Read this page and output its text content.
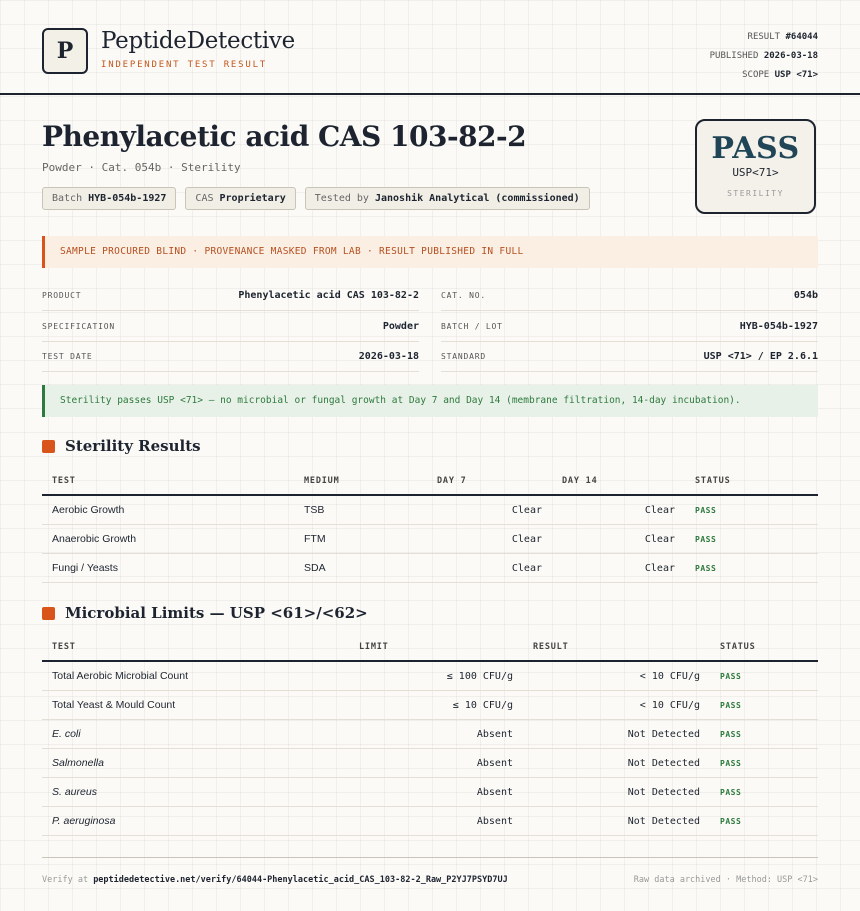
P	PeptideDetective
INDEPENDENT TEST RESULT
RESULT #64044
PUBLISHED 2026-03-18
SCOPE USP <71>
Phenylacetic acid CAS 103-82-2
Powder · Cat. 054b · Sterility
Batch HYB-054b-1927	CAS Proprietary	Tested by Janoshik Analytical (commissioned)
PASS
USP<71>
STERILITY
SAMPLE PROCURED BLIND · PROVENANCE MASKED FROM LAB · RESULT PUBLISHED IN FULL
PRODUCT	Phenylacetic acid CAS 103-82-2	CAT. NO.	054b
SPECIFICATION	Powder	BATCH / LOT	HYB-054b-1927
TEST DATE	2026-03-18	STANDARD	USP <71> / EP 2.6.1
Sterility passes USP <71> — no microbial or fungal growth at Day 7 and Day 14 (membrane filtration, 14-day incubation).
Sterility Results
TEST	MEDIUM	DAY 7	DAY 14	STATUS
Aerobic Growth	TSB	Clear	Clear	PASS
Anaerobic Growth	FTM	Clear	Clear	PASS
Fungi / Yeasts	SDA	Clear	Clear	PASS
Microbial Limits — USP <61>/<62>
TEST	LIMIT	RESULT	STATUS
Total Aerobic Microbial Count	≤ 100 CFU/g	< 10 CFU/g	PASS
Total Yeast & Mould Count	≤ 10 CFU/g	< 10 CFU/g	PASS
E. coli	Absent	Not Detected	PASS
Salmonella	Absent	Not Detected	PASS
S. aureus	Absent	Not Detected	PASS
P. aeruginosa	Absent	Not Detected	PASS
Verify at peptidedetective.net/verify/64044-Phenylacetic_acid_CAS_103-82-2_Raw_P2YJ7PSYD7UJ	Raw data archived · Method: USP <71>
